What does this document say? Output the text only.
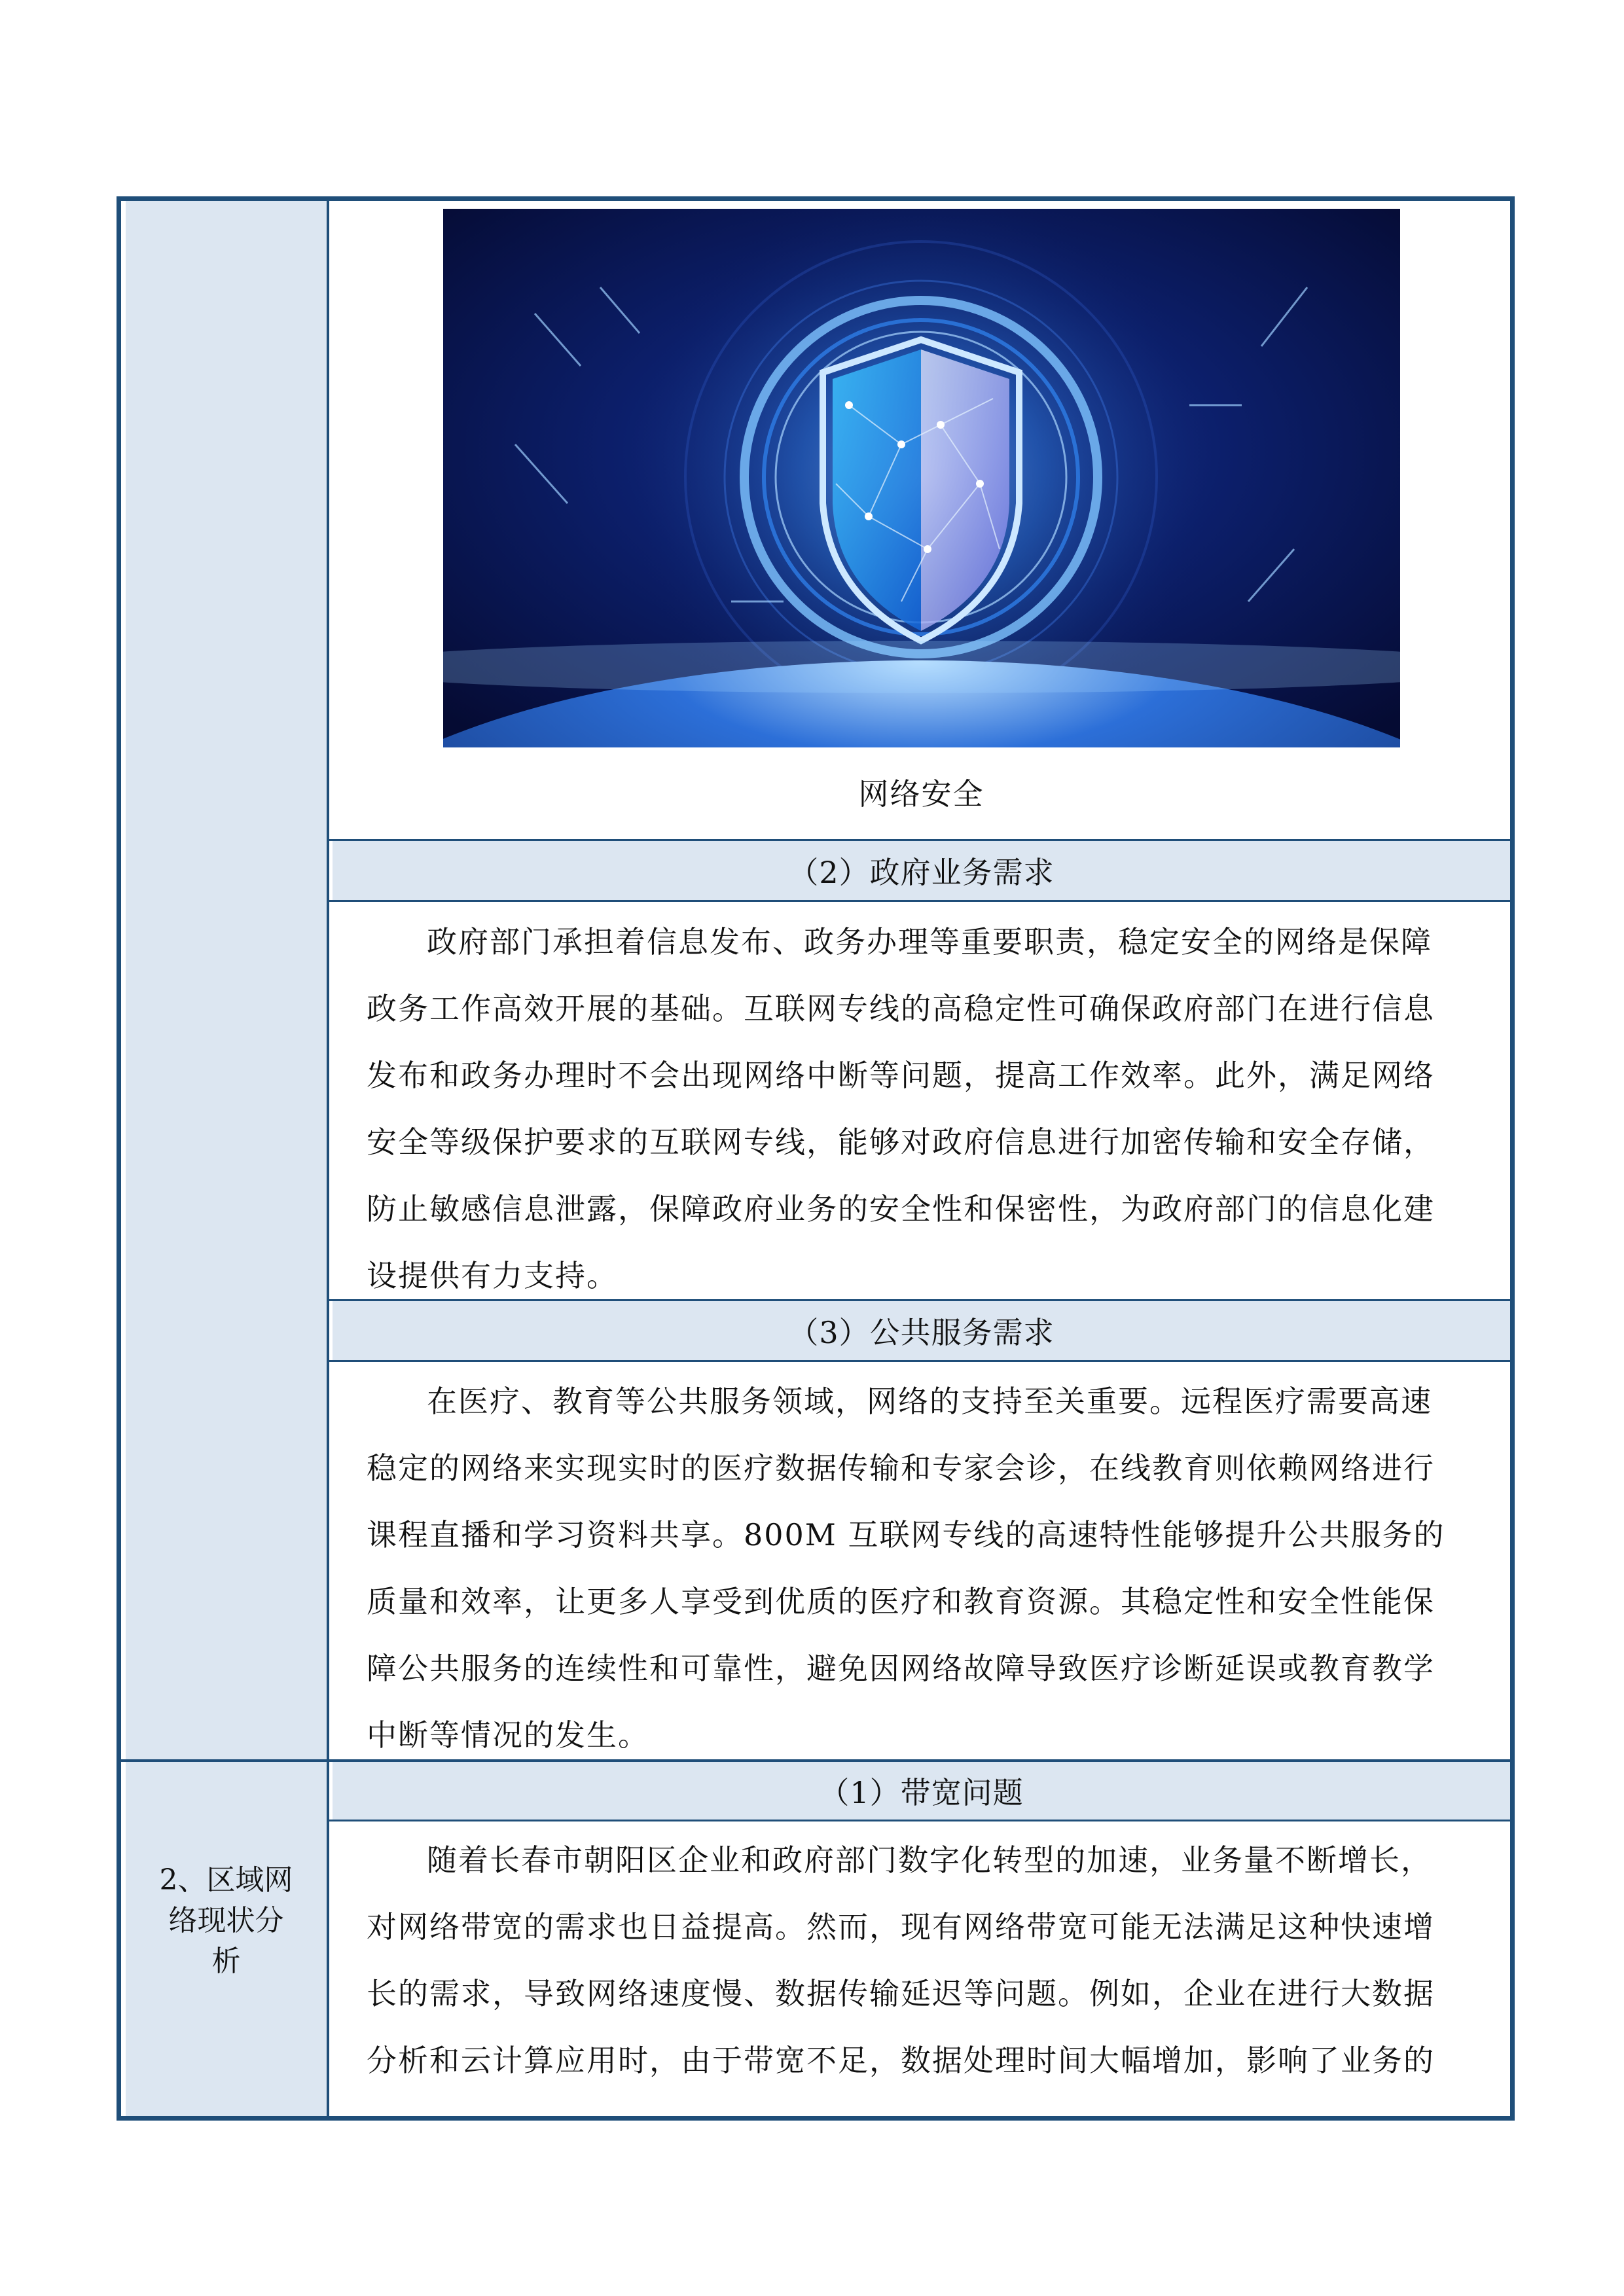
网络安全
（2）政府业务需求
政府部门承担着信息发布、政务办理等重要职责，稳定安全的网络是保障
政务工作高效开展的基础。互联网专线的高稳定性可确保政府部门在进行信息
发布和政务办理时不会出现网络中断等问题，提高工作效率。此外，满足网络
安全等级保护要求的互联网专线，能够对政府信息进行加密传输和安全存储，
防止敏感信息泄露，保障政府业务的安全性和保密性，为政府部门的信息化建
设提供有力支持。
（3）公共服务需求
在医疗、教育等公共服务领域，网络的支持至关重要。远程医疗需要高速
稳定的网络来实现实时的医疗数据传输和专家会诊，在线教育则依赖网络进行
课程直播和学习资料共享。800M 互联网专线的高速特性能够提升公共服务的
质量和效率，让更多人享受到优质的医疗和教育资源。其稳定性和安全性能保
障公共服务的连续性和可靠性，避免因网络故障导致医疗诊断延误或教育教学
中断等情况的发生。
2、区域网
络现状分
析
（1）带宽问题
随着长春市朝阳区企业和政府部门数字化转型的加速，业务量不断增长，
对网络带宽的需求也日益提高。然而，现有网络带宽可能无法满足这种快速增
长的需求，导致网络速度慢、数据传输延迟等问题。例如，企业在进行大数据
分析和云计算应用时，由于带宽不足，数据处理时间大幅增加，影响了业务的
